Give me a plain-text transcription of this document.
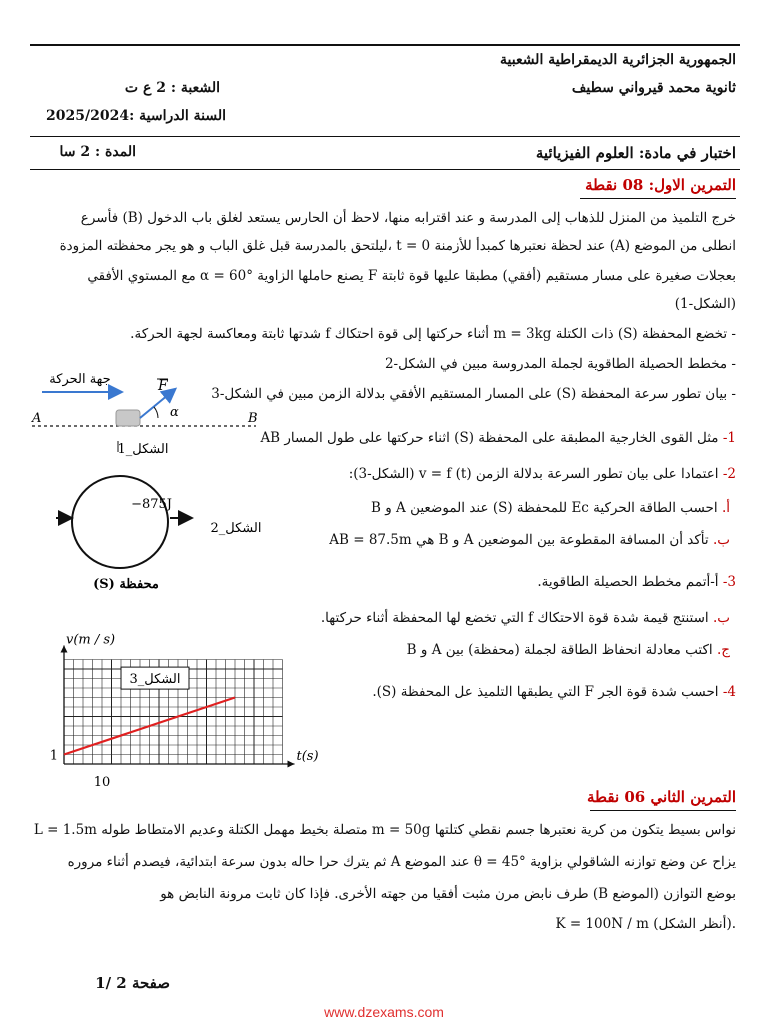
الجمهورية الجزائرية الديمقراطية الشعبية
ثانوية محمد قيرواني سطيف
الشعبة : 2 ع ت
السنة الدراسية :2025/2024
اختبار في مادة: العلوم الفيزيائية
المدة : 2 سا
التمرين الاول: 08 نقطة
خرج التلميذ من المنزل للذهاب إلى المدرسة و عند اقترابه منها، لاحظ أن الحارس يستعد لغلق باب الدخول (B) فأسرع
انطلى من الموضع (A) عند لحظة نعتبرها كمبدأ للأزمنة t = 0 ،ليلتحق بالمدرسة قبل غلق الباب و هو يجر محفظته المزودة
بعجلات صغيرة على مسار مستقيم (أفقي) مطبقا عليها قوة ثابتة F يصنع حاملها الزاوية α = 60° مع المستوي الأفقي
(الشكل-1)
- تخضع المحفظة (S) ذات الكتلة m = 3kg أثناء حركتها إلى قوة احتكاك f شدتها ثابتة ومعاكسة لجهة الحركة.
- مخطط الحصيلة الطاقوية لجملة المدروسة مبين في الشكل-2
- بيان تطور سرعة المحفظة (S) على المسار المستقيم الأفقي بدلالة الزمن مبين في الشكل-3
1- مثل القوى الخارجية المطبقة على المحفظة (S) اثناء حركتها على طول المسار AB
2- اعتمادا على بيان تطور السرعة بدلالة الزمن v = f (t) (الشكل-3):
أ. احسب الطاقة الحركية Ec للمحفظة (S) عند الموضعين A و B
ب. تأكد أن المسافة المقطوعة بين الموضعين A و B هي AB = 87.5m
3- أ-أتمم مخطط الحصيلة الطاقوية.
ب. استنتج قيمة شدة قوة الاحتكاك f التي تخضع لها المحفظة أثناء حركتها.
ج. اكتب معادلة انحفاظ الطاقة لجملة (محفظة) بين A و B
4- احسب شدة قوة الجر F التي يطبقها التلميذ عل المحفظة (S).
جهة الحركة	F
α
A	B
الشكل_1
875J−
الشكل_2
محفظة (S)
الشكل_3
v(m / s)
t(s)
1
10
التمرين الثاني 06 نقطة
نواس بسيط يتكون من كرية نعتبرها جسم نقطي كتلتها m = 50g متصلة بخيط مهمل الكتلة وعديم الامتطاط طوله L = 1.5m
يزاح عن وضع توازنه الشاقولي بزاوية θ = 45° عند الموضع A ثم يترك حرا حاله بدون سرعة ابتدائية، فيصدم أثناء مروره
بوضع التوازن (الموضع B) طرف نابض مرن مثبت أفقيا من جهته الأخرى. فإذا كان ثابت مرونة النابض هو
K = 100N / m (أنظر الشكل).
صفحة 2 /1
www.dzexams.com
